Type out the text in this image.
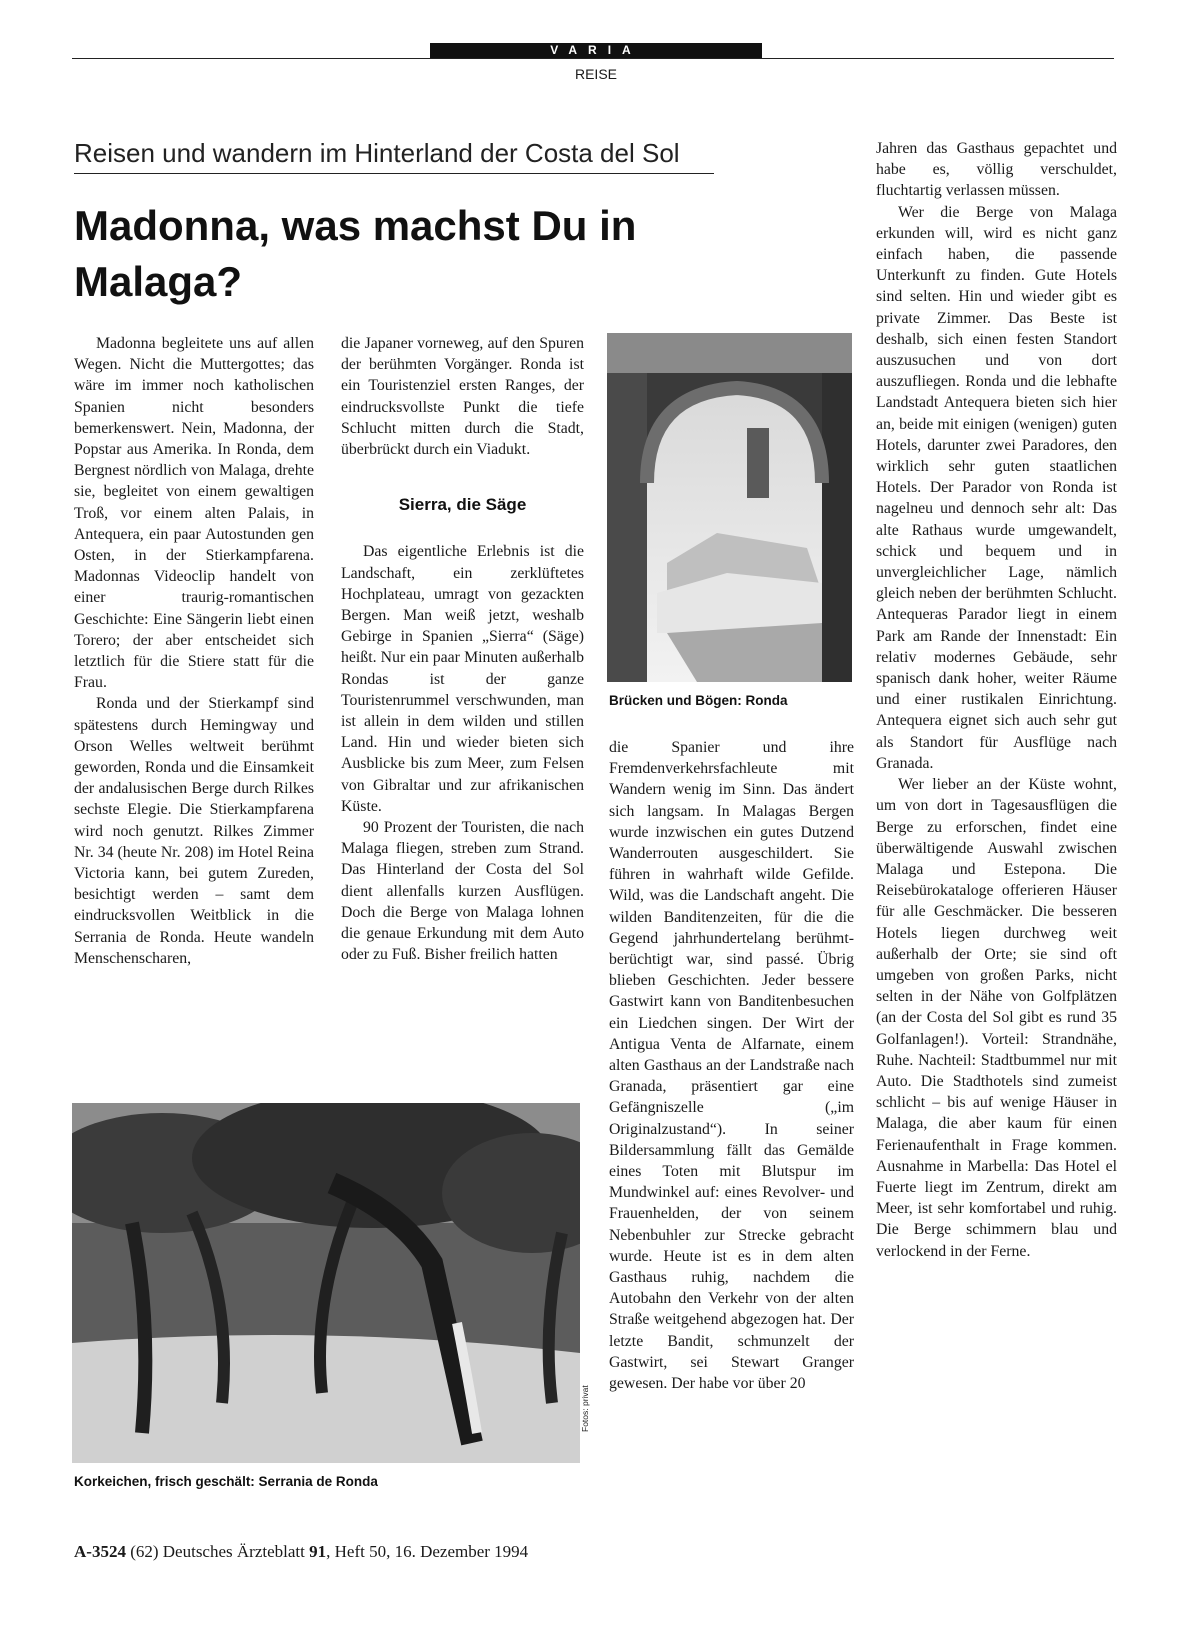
VARIA
REISE
Reisen und wandern im Hinterland der Costa del Sol
Madonna, was machst Du in Malaga?

Madonna begleitete uns auf allen Wegen. Nicht die Muttergottes; das wäre im immer noch katholischen Spanien nicht besonders bemerkenswert. Nein, Madonna, der Popstar aus Amerika. In Ronda, dem Bergnest nördlich von Malaga, drehte sie, begleitet von einem gewaltigen Troß, vor einem alten Palais, in Antequera, ein paar Autostunden gen Osten, in der Stierkampfarena. Madonnas Videoclip handelt von einer traurig-romantischen Geschichte: Eine Sängerin liebt einen Torero; der aber entscheidet sich letztlich für die Stiere statt für die Frau.

Ronda und der Stierkampf sind spätestens durch Hemingway und Orson Welles weltweit berühmt geworden, Ronda und die Einsamkeit der andalusischen Berge durch Rilkes sechste Elegie. Die Stierkampfarena wird noch genutzt. Rilkes Zimmer Nr. 34 (heute Nr. 208) im Hotel Reina Victoria kann, bei gutem Zureden, besichtigt werden – samt dem eindrucksvollen Weitblick in die Serrania de Ronda. Heute wandeln Menschenscharen,

die Japaner vorneweg, auf den Spuren der berühmten Vorgänger. Ronda ist ein Touristenziel ersten Ranges, der eindrucksvollste Punkt die tiefe Schlucht mitten durch die Stadt, überbrückt durch ein Viadukt.

Sierra, die Säge

Das eigentliche Erlebnis ist die Landschaft, ein zerklüftetes Hochplateau, umragt von gezackten Bergen. Man weiß jetzt, weshalb Gebirge in Spanien „Sierra“ (Säge) heißt. Nur ein paar Minuten außerhalb Rondas ist der ganze Touristenrummel verschwunden, man ist allein in dem wilden und stillen Land. Hin und wieder bieten sich Ausblicke bis zum Meer, zum Felsen von Gibraltar und zur afrikanischen Küste.

90 Prozent der Touristen, die nach Malaga fliegen, streben zum Strand. Das Hinterland der Costa del Sol dient allenfalls kurzen Ausflügen. Doch die Berge von Malaga lohnen die genaue Erkundung mit dem Auto oder zu Fuß. Bisher freilich hatten

Brücken und Bögen: Ronda

die Spanier und ihre Fremdenverkehrsfachleute mit Wandern wenig im Sinn. Das ändert sich langsam. In Malagas Bergen wurde inzwischen ein gutes Dutzend Wanderrouten ausgeschildert. Sie führen in wahrhaft wilde Gefilde. Wild, was die Landschaft angeht. Die wilden Banditenzeiten, für die die Gegend jahrhundertelang berühmt-berüchtigt war, sind passé. Übrig blieben Geschichten. Jeder bessere Gastwirt kann von Banditenbesuchen ein Liedchen singen. Der Wirt der Antigua Venta de Alfarnate, einem alten Gasthaus an der Landstraße nach Granada, präsentiert gar eine Gefängniszelle („im Originalzustand“). In seiner Bildersammlung fällt das Gemälde eines Toten mit Blutspur im Mundwinkel auf: eines Revolver- und Frauenhelden, der von seinem Nebenbuhler zur Strecke gebracht wurde. Heute ist es in dem alten Gasthaus ruhig, nachdem die Autobahn den Verkehr von der alten Straße weitgehend abgezogen hat. Der letzte Bandit, schmunzelt der Gastwirt, sei Stewart Granger gewesen. Der habe vor über 20

Jahren das Gasthaus gepachtet und habe es, völlig verschuldet, fluchtartig verlassen müssen.

Wer die Berge von Malaga erkunden will, wird es nicht ganz einfach haben, die passende Unterkunft zu finden. Gute Hotels sind selten. Hin und wieder gibt es private Zimmer. Das Beste ist deshalb, sich einen festen Standort auszusuchen und von dort auszufliegen. Ronda und die lebhafte Landstadt Antequera bieten sich hier an, beide mit einigen (wenigen) guten Hotels, darunter zwei Paradores, den wirklich sehr guten staatlichen Hotels. Der Parador von Ronda ist nagelneu und dennoch sehr alt: Das alte Rathaus wurde umgewandelt, schick und bequem und in unvergleichlicher Lage, nämlich gleich neben der berühmten Schlucht. Antequeras Parador liegt in einem Park am Rande der Innenstadt: Ein relativ modernes Gebäude, sehr spanisch dank hoher, weiter Räume und einer rustikalen Einrichtung. Antequera eignet sich auch sehr gut als Standort für Ausflüge nach Granada.

Wer lieber an der Küste wohnt, um von dort in Tagesausflügen die Berge zu erforschen, findet eine überwältigende Auswahl zwischen Malaga und Estepona. Die Reisebürokataloge offerieren Häuser für alle Geschmäcker. Die besseren Hotels liegen durchweg weit außerhalb der Orte; sie sind oft umgeben von großen Parks, nicht selten in der Nähe von Golfplätzen (an der Costa del Sol gibt es rund 35 Golfanlagen!). Vorteil: Strandnähe, Ruhe. Nachteil: Stadtbummel nur mit Auto. Die Stadthotels sind zumeist schlicht – bis auf wenige Häuser in Malaga, die aber kaum für einen Ferienaufenthalt in Frage kommen. Ausnahme in Marbella: Das Hotel el Fuerte liegt im Zentrum, direkt am Meer, ist sehr komfortabel und ruhig. Die Berge schimmern blau und verlockend in der Ferne.

Fotos: privat
Korkeichen, frisch geschält: Serrania de Ronda
A-3524 (62) Deutsches Ärzteblatt 91, Heft 50, 16. Dezember 1994
